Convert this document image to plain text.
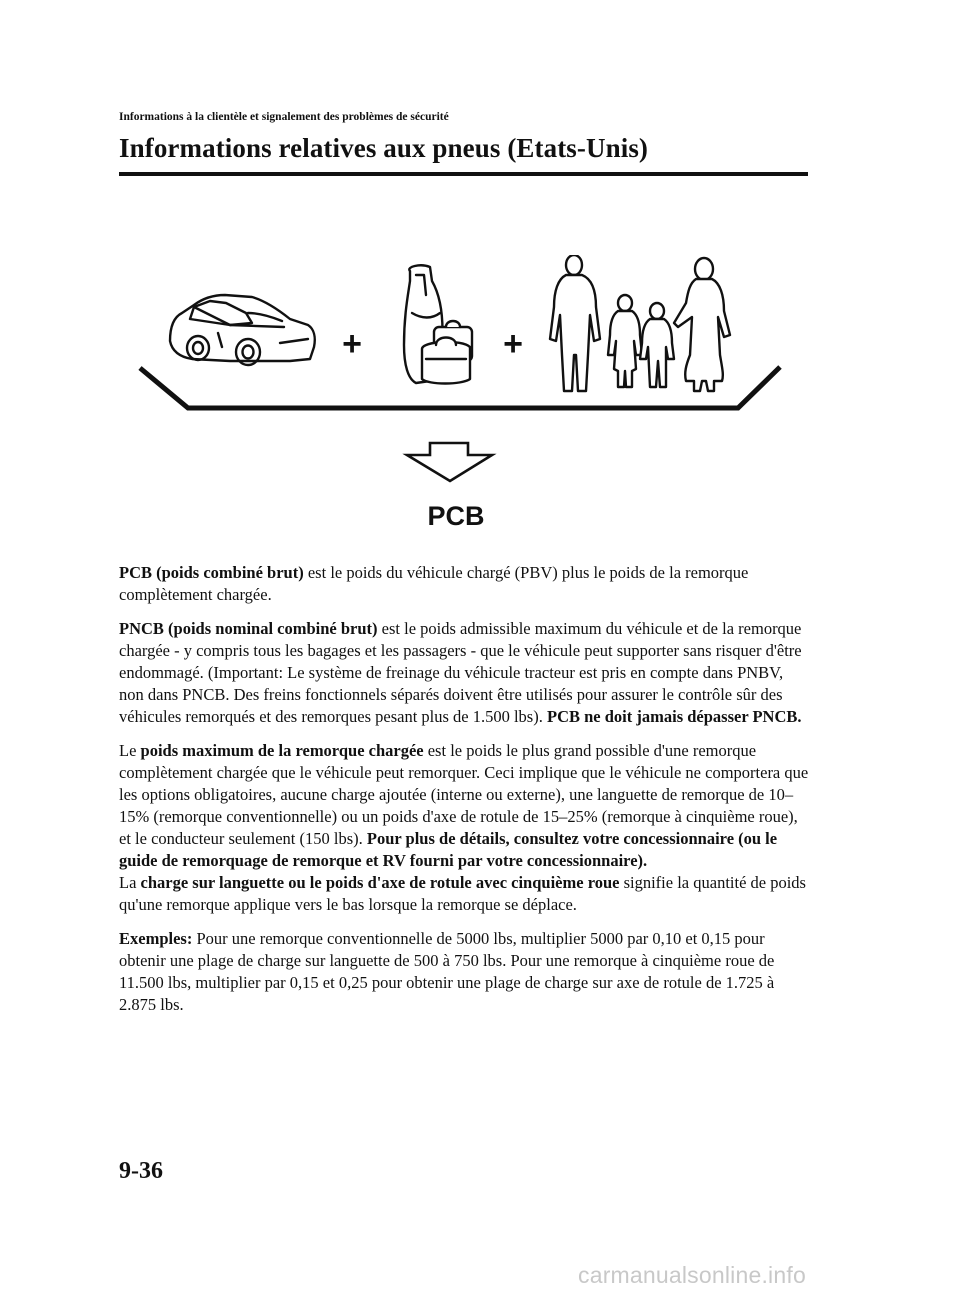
Informations à la clientèle et signalement des problèmes de sécurité
Informations relatives aux pneus (Etats-Unis)
+	+
PCB

PCB (poids combiné brut) est le poids du véhicule chargé (PBV) plus le poids de la remorque complètement chargée.

PNCB (poids nominal combiné brut) est le poids admissible maximum du véhicule et de la remorque chargée - y compris tous les bagages et les passagers - que le véhicule peut supporter sans risquer d'être endommagé. (Important: Le système de freinage du véhicule tracteur est pris en compte dans PNBV, non dans PNCB. Des freins fonctionnels séparés doivent être utilisés pour assurer le contrôle sûr des véhicules remorqués et des remorques pesant plus de 1.500 lbs). PCB ne doit jamais dépasser PNCB.

Le poids maximum de la remorque chargée est le poids le plus grand possible d'une remorque complètement chargée que le véhicule peut remorquer. Ceci implique que le véhicule ne comportera que les options obligatoires, aucune charge ajoutée (interne ou externe), une languette de remorque de 10–15% (remorque conventionnelle) ou un poids d'axe de rotule de 15–25% (remorque à cinquième roue), et le conducteur seulement (150 lbs). Pour plus de détails, consultez votre concessionnaire (ou le guide de remorquage de remorque et RV fourni par votre concessionnaire).

La charge sur languette ou le poids d'axe de rotule avec cinquième roue signifie la quantité de poids qu'une remorque applique vers le bas lorsque la remorque se déplace.

Exemples: Pour une remorque conventionnelle de 5000 lbs, multiplier 5000 par 0,10 et 0,15 pour obtenir une plage de charge sur languette de 500 à 750 lbs. Pour une remorque à cinquième roue de 11.500 lbs, multiplier par 0,15 et 0,25 pour obtenir une plage de charge sur axe de rotule de 1.725 à 2.875 lbs.

9-36
carmanualsonline.info
